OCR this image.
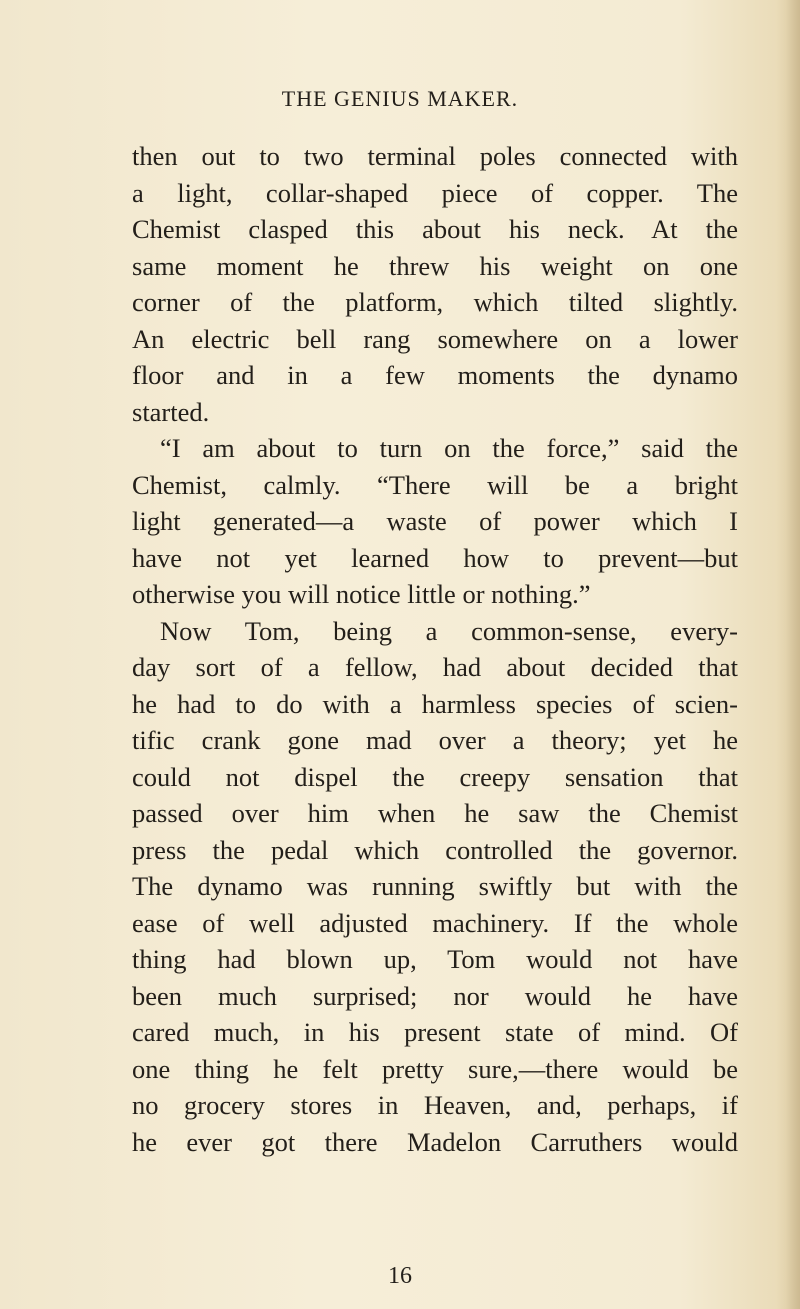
THE GENIUS MAKER.
then out to two terminal poles connected with
a light, collar-shaped piece of copper. The
Chemist clasped this about his neck. At the
same moment he threw his weight on one
corner of the platform, which tilted slightly.
An electric bell rang somewhere on a lower
floor and in a few moments the dynamo
started.
“I am about to turn on the force,” said the
Chemist, calmly. “There will be a bright
light generated—a waste of power which I
have not yet learned how to prevent—but
otherwise you will notice little or nothing.”
Now Tom, being a common-sense, every-
day sort of a fellow, had about decided that
he had to do with a harmless species of scien-
tific crank gone mad over a theory; yet he
could not dispel the creepy sensation that
passed over him when he saw the Chemist
press the pedal which controlled the governor.
The dynamo was running swiftly but with the
ease of well adjusted machinery. If the whole
thing had blown up, Tom would not have
been much surprised; nor would he have
cared much, in his present state of mind. Of
one thing he felt pretty sure,—there would be
no grocery stores in Heaven, and, perhaps, if
he ever got there Madelon Carruthers would
16
